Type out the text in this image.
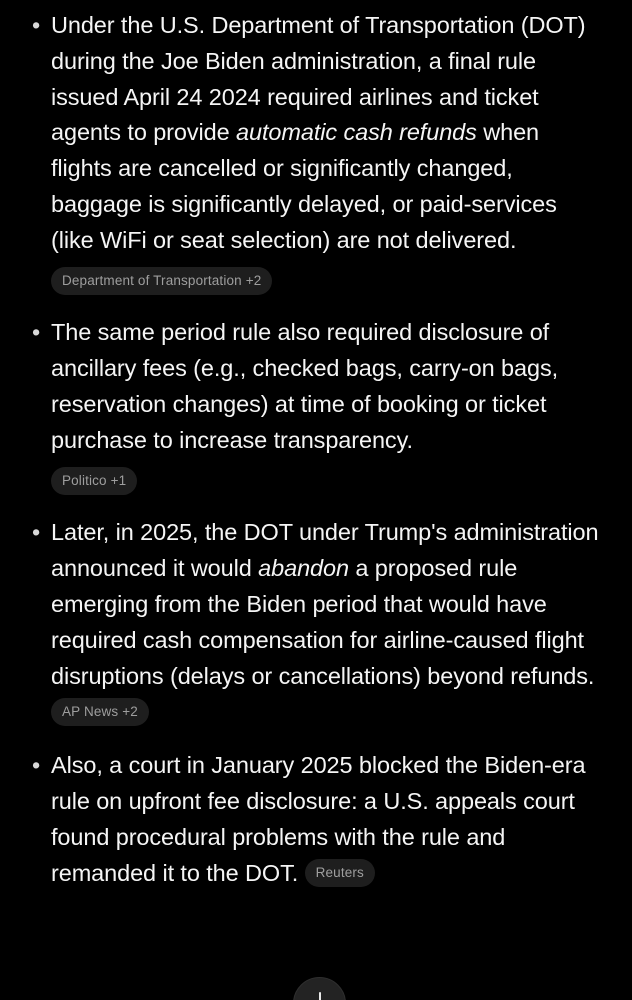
• Under the U.S. Department of Transportation (DOT) during the Joe Biden administration, a final rule issued April 24 2024 required airlines and ticket agents to provide automatic cash refunds when flights are cancelled or significantly changed, baggage is significantly delayed, or paid-services (like WiFi or seat selection) are not delivered.
Department of Transportation +2
• The same period rule also required disclosure of ancillary fees (e.g., checked bags, carry-on bags, reservation changes) at time of booking or ticket purchase to increase transparency.
Politico +1
• Later, in 2025, the DOT under Trump's administration announced it would abandon a proposed rule emerging from the Biden period that would have required cash compensation for airline-caused flight disruptions (delays or cancellations) beyond refunds. AP News +2
• Also, a court in January 2025 blocked the Biden-era rule on upfront fee disclosure: a U.S. appeals court found procedural problems with the rule and remanded it to the DOT. Reuters
